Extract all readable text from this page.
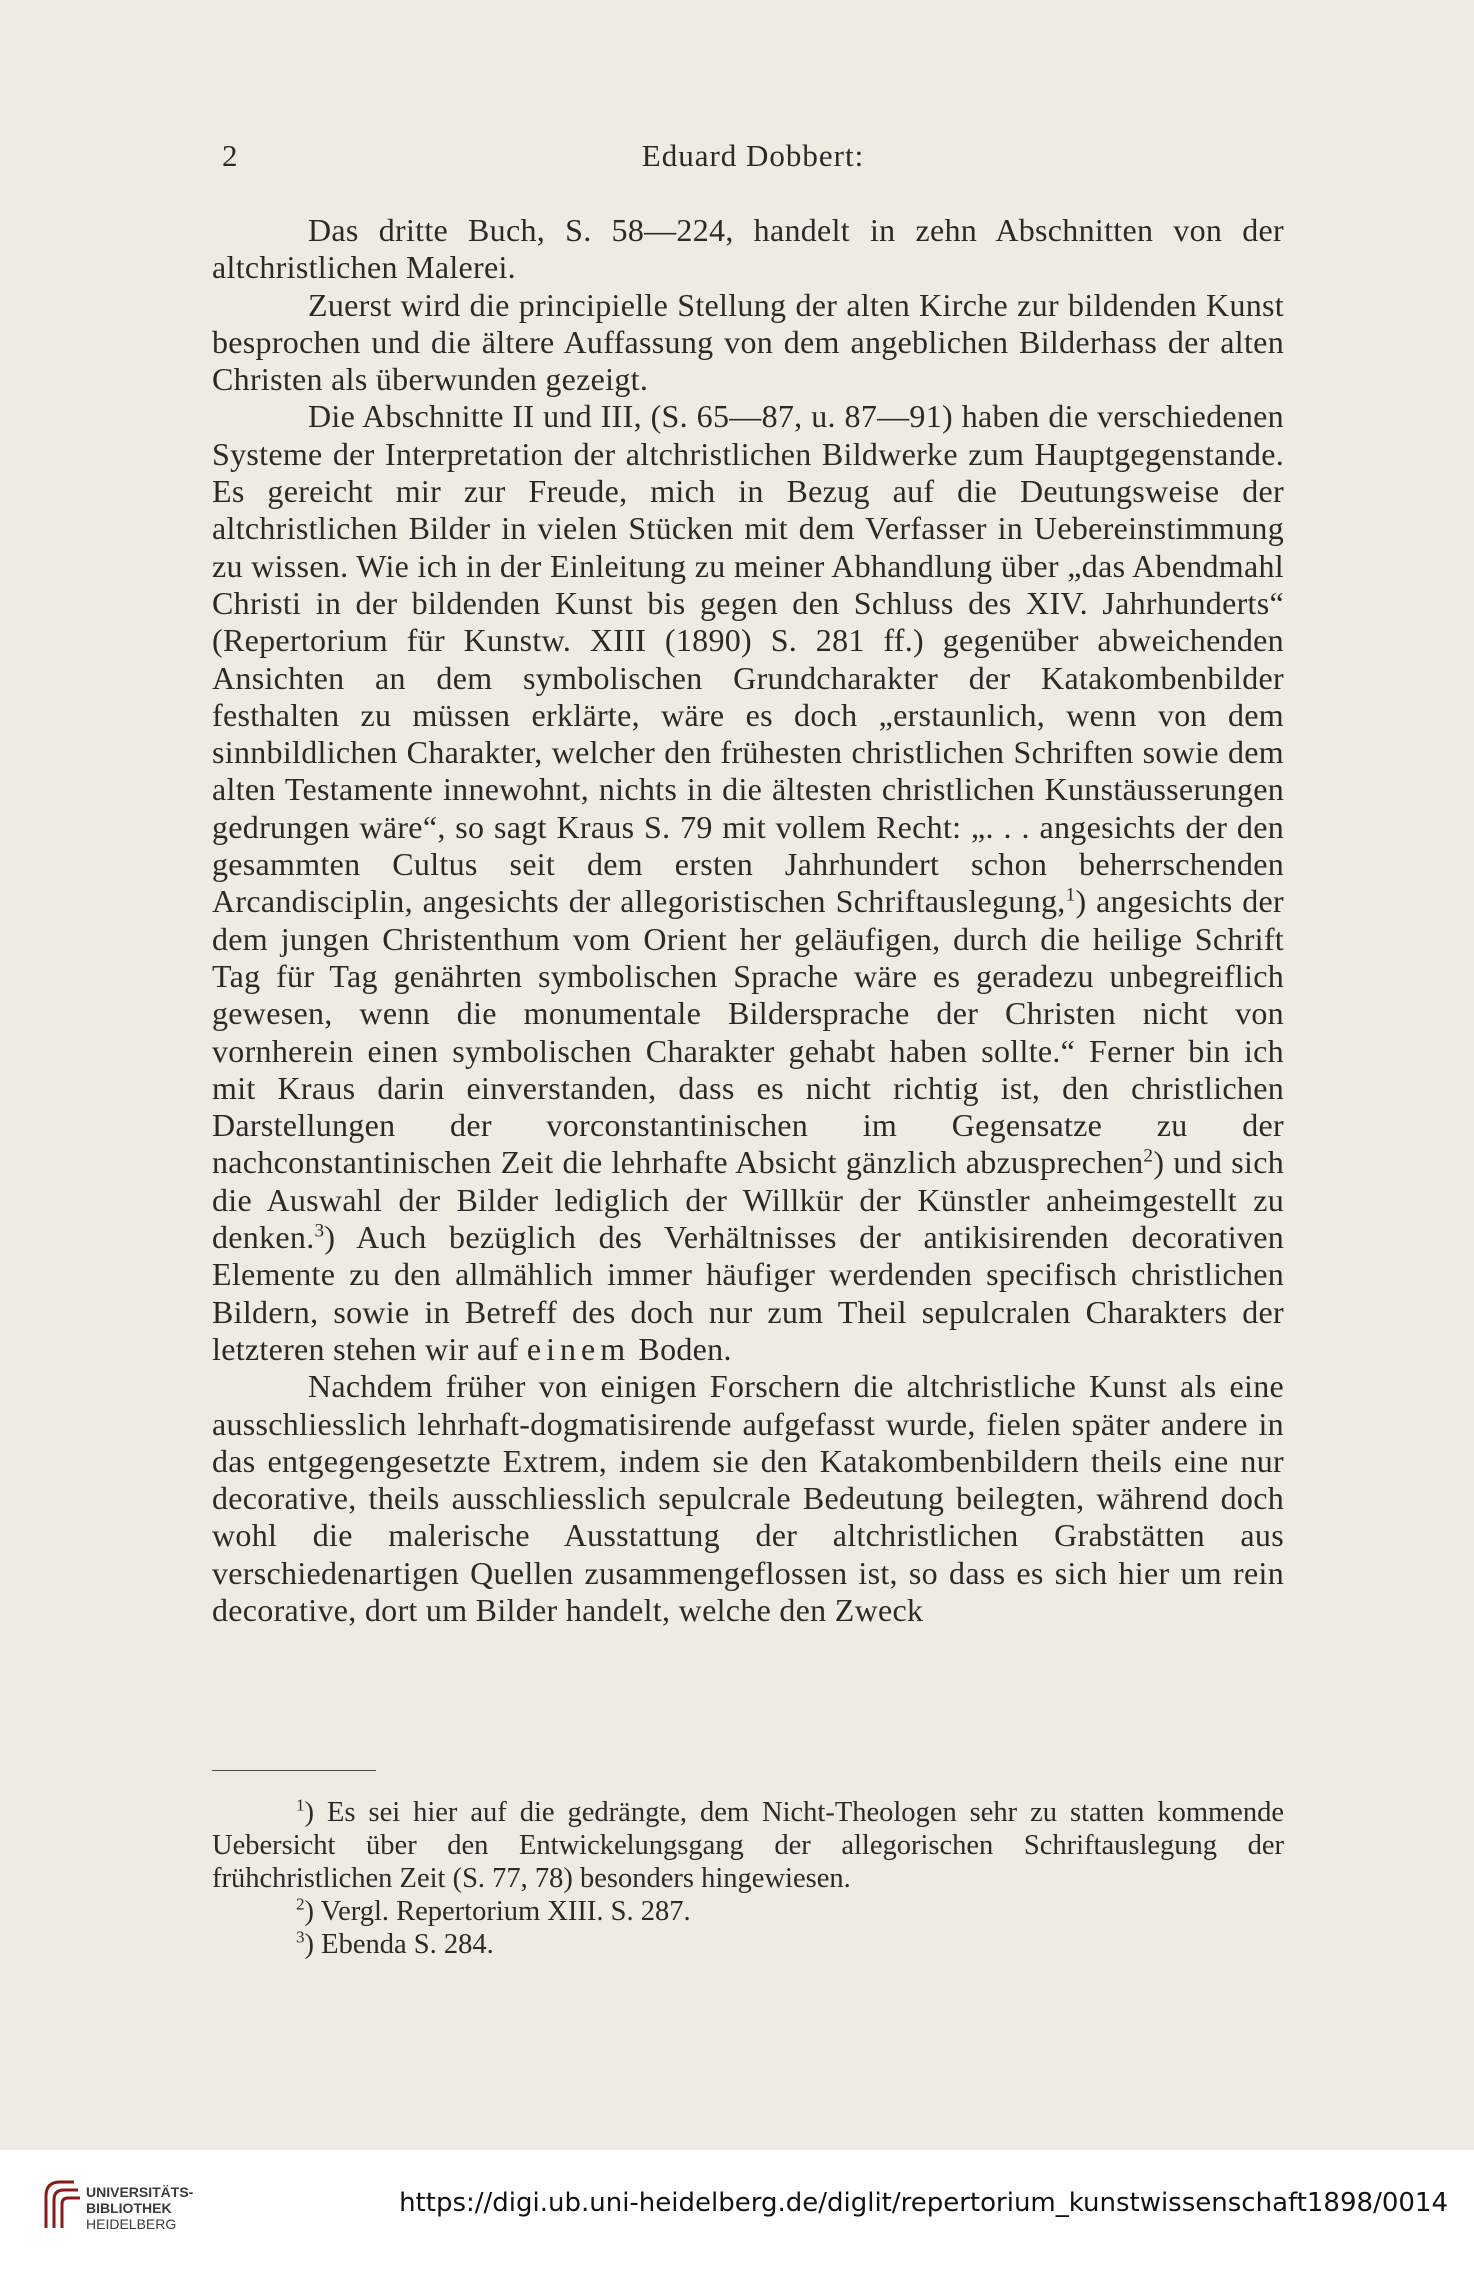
2	Eduard Dobbert:

Das dritte Buch, S. 58—224, handelt in zehn Abschnitten von der altchristlichen Malerei.

Zuerst wird die principielle Stellung der alten Kirche zur bildenden Kunst besprochen und die ältere Auffassung von dem angeblichen Bilderhass der alten Christen als überwunden gezeigt.

Die Abschnitte II und III, (S. 65—87, u. 87—91) haben die verschiedenen Systeme der Interpretation der altchristlichen Bildwerke zum Hauptgegenstande. Es gereicht mir zur Freude, mich in Bezug auf die Deutungsweise der altchristlichen Bilder in vielen Stücken mit dem Verfasser in Uebereinstimmung zu wissen. Wie ich in der Einleitung zu meiner Abhandlung über „das Abendmahl Christi in der bildenden Kunst bis gegen den Schluss des XIV. Jahrhunderts“ (Repertorium für Kunstw. XIII (1890) S. 281 ff.) gegenüber abweichenden Ansichten an dem symbolischen Grundcharakter der Katakombenbilder festhalten zu müssen erklärte, wäre es doch „erstaunlich, wenn von dem sinnbildlichen Charakter, welcher den frühesten christlichen Schriften sowie dem alten Testamente innewohnt, nichts in die ältesten christlichen Kunstäusserungen gedrungen wäre“, so sagt Kraus S. 79 mit vollem Recht: „. . . angesichts der den gesammten Cultus seit dem ersten Jahrhundert schon beherrschenden Arcandisciplin, angesichts der allegoristischen Schriftauslegung,$^1$) angesichts der dem jungen Christenthum vom Orient her geläufigen, durch die heilige Schrift Tag für Tag genährten symbolischen Sprache wäre es geradezu unbegreiflich gewesen, wenn die monumentale Bildersprache der Christen nicht von vornherein einen symbolischen Charakter gehabt haben sollte.“ Ferner bin ich mit Kraus darin einverstanden, dass es nicht richtig ist, den christlichen Darstellungen der vorconstantinischen im Gegensatze zu der nachconstantinischen Zeit die lehrhafte Absicht gänzlich abzusprechen$^2$) und sich die Auswahl der Bilder lediglich der Willkür der Künstler anheimgestellt zu denken.$^3$) Auch bezüglich des Verhältnisses der antikisirenden decorativen Elemente zu den allmählich immer häufiger werdenden specifisch christlichen Bildern, sowie in Betreff des doch nur zum Theil sepulcralen Charakters der letzteren stehen wir auf einem Boden.

Nachdem früher von einigen Forschern die altchristliche Kunst als eine ausschliesslich lehrhaft-dogmatisirende aufgefasst wurde, fielen später andere in das entgegengesetzte Extrem, indem sie den Katakombenbildern theils eine nur decorative, theils ausschliesslich sepulcrale Bedeutung beilegten, während doch wohl die malerische Ausstattung der altchristlichen Grabstätten aus verschiedenartigen Quellen zusammengeflossen ist, so dass es sich hier um rein decorative, dort um Bilder handelt, welche den Zweck

$^1$) Es sei hier auf die gedrängte, dem Nicht-Theologen sehr zu statten kommende Uebersicht über den Entwickelungsgang der allegorischen Schriftauslegung der frühchristlichen Zeit (S. 77, 78) besonders hingewiesen.

$^2$) Vergl. Repertorium XIII. S. 287.

$^3$) Ebenda S. 284.

UNIVERSITÄTS-
BIBLIOTHEK
HEIDELBERG
https://digi.ub.uni-heidelberg.de/diglit/repertorium_kunstwissenschaft1898/0014
